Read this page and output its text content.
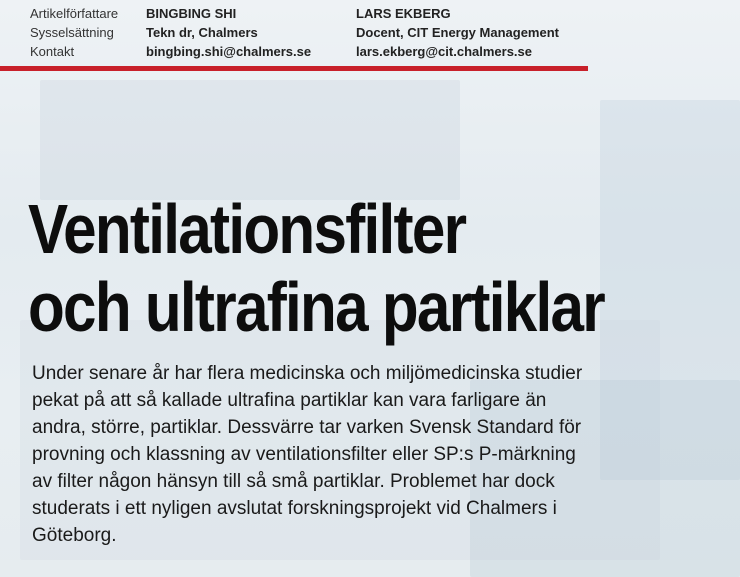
Artikelförfattare
Sysselsättning
Kontakt
BINGBING SHI
Tekn dr, Chalmers
bingbing.shi@chalmers.se
LARS EKBERG
Docent, CIT Energy Management
lars.ekberg@cit.chalmers.se
Ventilationsfilter
och ultrafina partiklar
Under senare år har flera medicinska och miljömedicinska studier
pekat på att så kallade ultrafina partiklar kan vara farligare än
andra, större, partiklar. Dessvärre tar varken Svensk Standard för
provning och klassning av ventilationsfilter eller SP:s P-märkning
av filter någon hänsyn till så små partiklar. Problemet har dock
studerats i ett nyligen avslutat forskningsprojekt vid Chalmers i
Göteborg.
